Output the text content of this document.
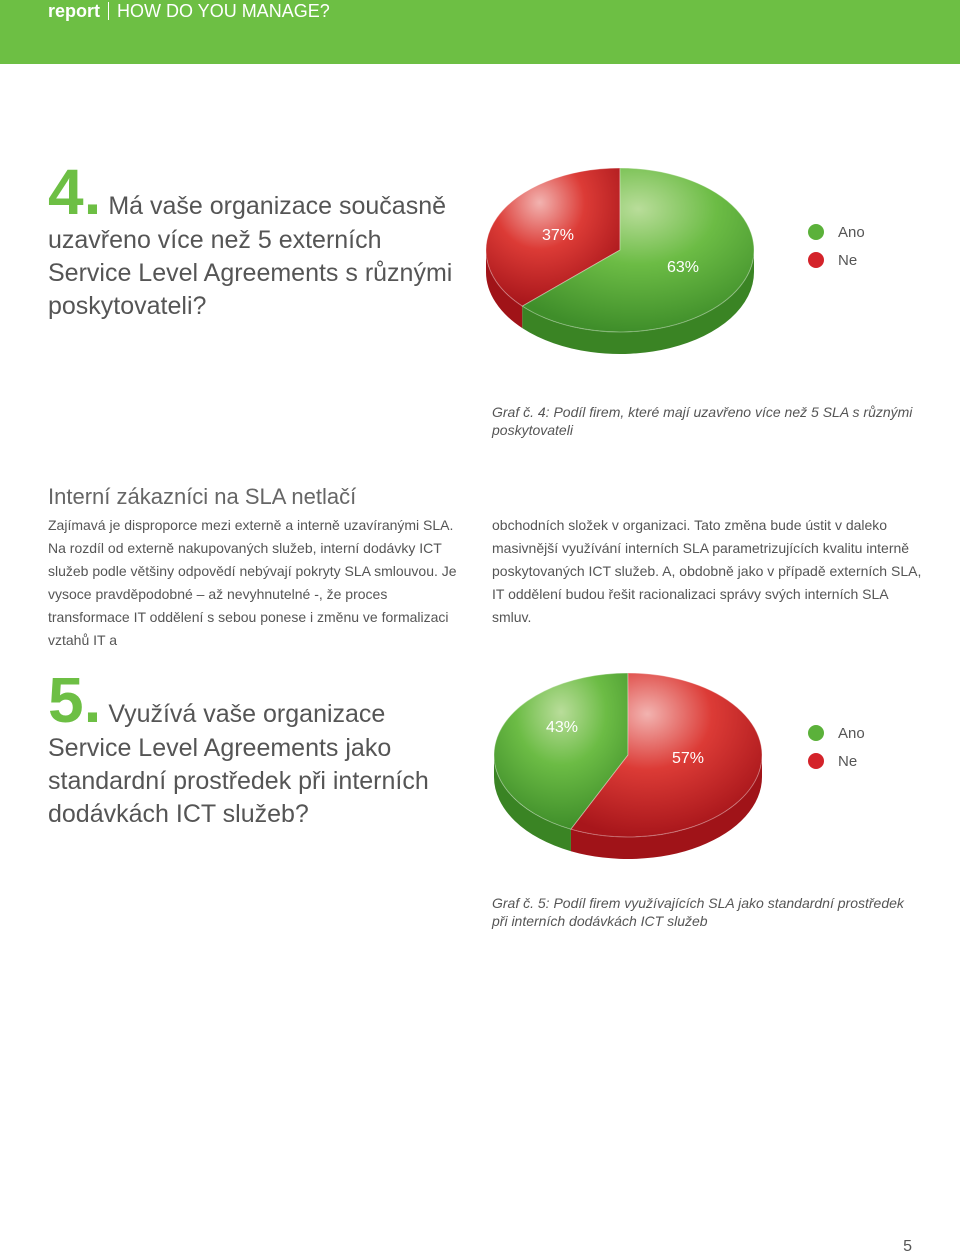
report HOW DO YOU MANAGE?
4. Má vaše organizace současně uzavřeno více než 5 externích Service Level Agreements s různými poskytovateli?
63%
37%	Ano
Ne
Graf č. 4: Podíl firem, které mají uzavřeno více než 5 SLA s různými poskytovateli
Interní zákazníci na SLA netlačí
Zajímavá je disproporce mezi externě a interně uzavíranými SLA. Na rozdíl od externě nakupovaných služeb, interní dodávky ICT služeb podle většiny odpovědí nebývají pokryty SLA smlouvou. Je vysoce pravděpodobné – až nevyhnutelné -, že proces transformace IT oddělení s sebou ponese i změnu ve formalizaci vztahů IT a
obchodních složek v organizaci. Tato změna bude ústit v daleko masivnější využívání interních SLA parametrizujících kvalitu interně poskytovaných ICT služeb. A, obdobně jako v případě externích SLA, IT oddělení budou řešit racionalizaci správy svých interních SLA smluv.
5. Využívá vaše organizace Service Level Agreements jako standardní prostředek při interních dodávkách ICT služeb?
43%
57%
Ano
Ne
Graf č. 5: Podíl firem využívajících SLA jako standardní prostředek při interních dodávkách ICT služeb
5
